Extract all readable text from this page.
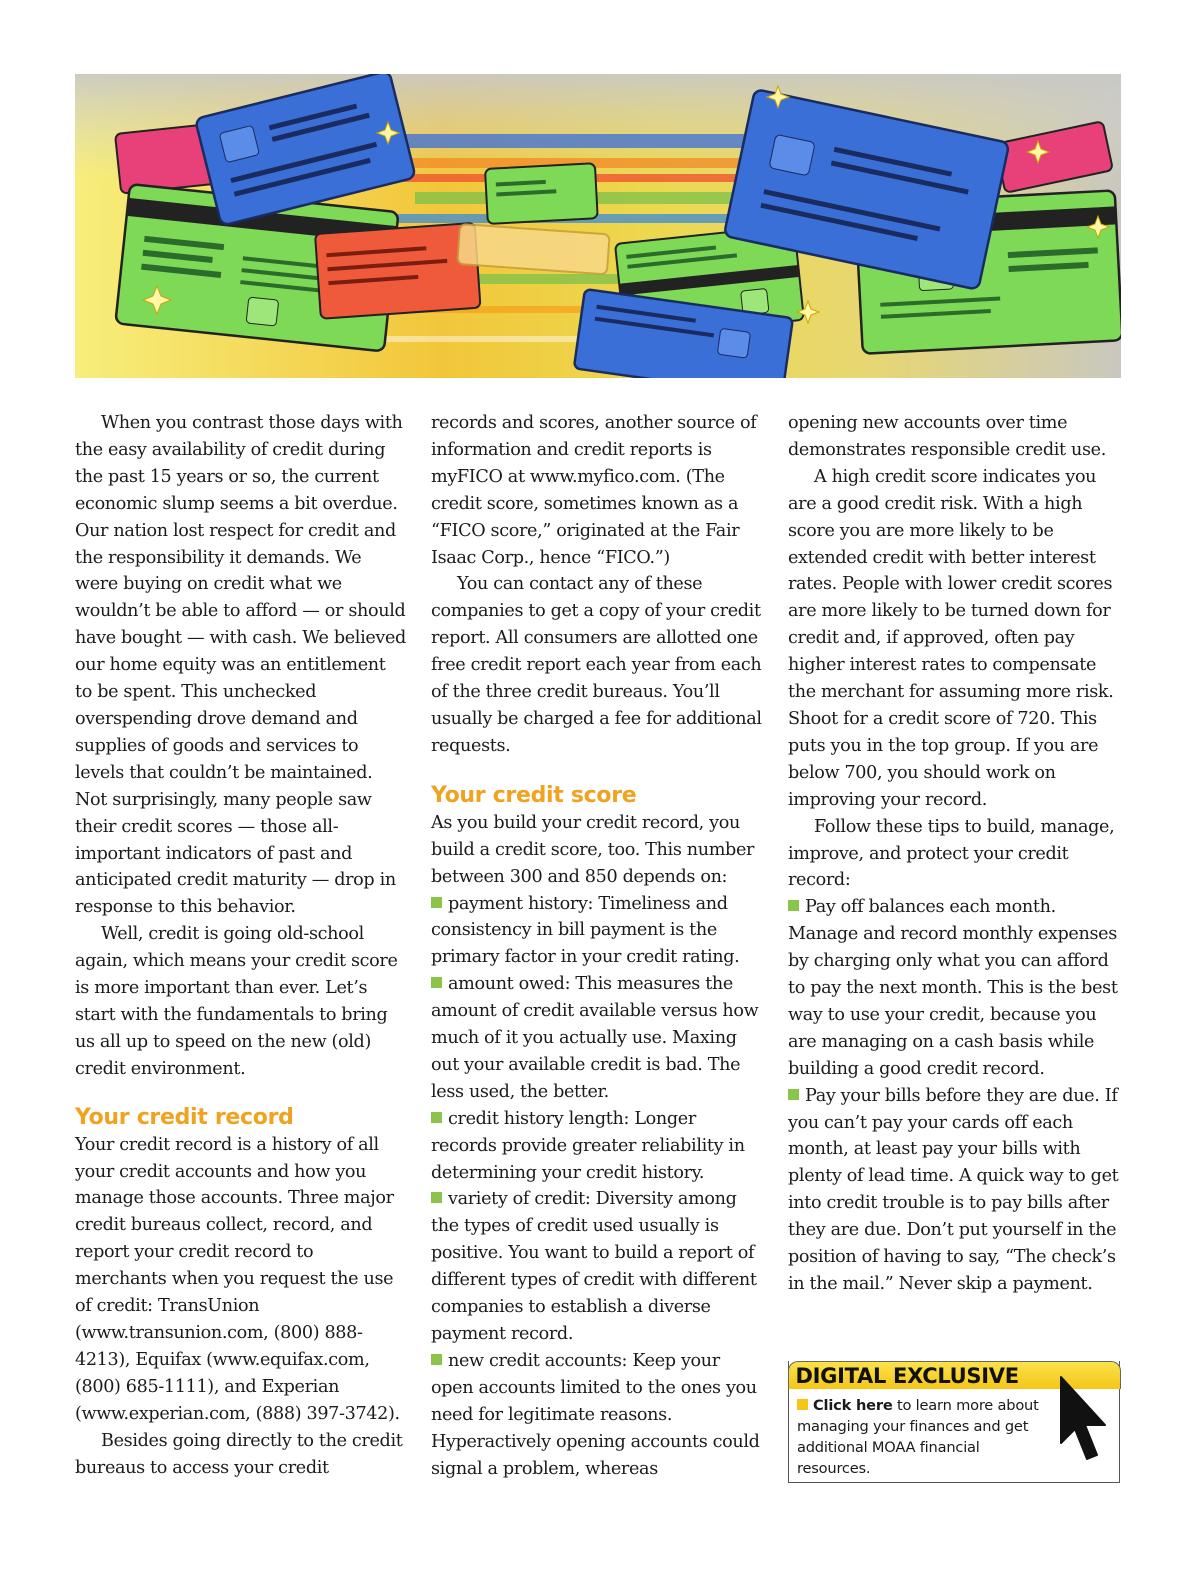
When you contrast those days with the easy availability of credit during the past 15 years or so, the current economic slump seems a bit overdue. Our nation lost respect for credit and the responsibility it demands. We were buying on credit what we wouldn’t be able to afford — or should have bought — with cash. We believed our home equity was an entitlement to be spent. This unchecked overspending drove demand and supplies of goods and services to levels that couldn’t be maintained. Not surprisingly, many people saw their credit scores — those all-important indicators of past and anticipated credit maturity — drop in response to this behavior.

Well, credit is going old-school again, which means your credit score is more important than ever. Let’s start with the fundamentals to bring us all up to speed on the new (old) credit environment.

Your credit record

Your credit record is a history of all your credit accounts and how you manage those accounts. Three major credit bureaus collect, record, and report your credit record to merchants when you request the use of credit: TransUnion (www.transunion.com, (800) 888-4213), Equifax (www.equifax.com, (800) 685-1111), and Experian (www.experian.com, (888) 397-3742).

Besides going directly to the credit bureaus to access your credit

records and scores, another source of information and credit reports is myFICO at www.myfico.com. (The credit score, sometimes known as a “FICO score,” originated at the Fair Isaac Corp., hence “FICO.”)

You can contact any of these companies to get a copy of your credit report. All consumers are allotted one free credit report each year from each of the three credit bureaus. You’ll usually be charged a fee for additional requests.

Your credit score

As you build your credit record, you build a credit score, too. This number between 300 and 850 depends on:

payment history: Timeliness and consistency in bill payment is the primary factor in your credit rating.

amount owed: This measures the amount of credit available versus how much of it you actually use. Maxing out your available credit is bad. The less used, the better.

credit history length: Longer records provide greater reliability in determining your credit history.

variety of credit: Diversity among the types of credit used usually is positive. You want to build a report of different types of credit with different companies to establish a diverse payment record.

new credit accounts: Keep your open accounts limited to the ones you need for legitimate reasons. Hyperactively opening accounts could signal a problem, whereas

opening new accounts over time demonstrates responsible credit use.

A high credit score indicates you are a good credit risk. With a high score you are more likely to be extended credit with better interest rates. People with lower credit scores are more likely to be turned down for credit and, if approved, often pay higher interest rates to compensate the merchant for assuming more risk. Shoot for a credit score of 720. This puts you in the top group. If you are below 700, you should work on improving your record.

Follow these tips to build, manage, improve, and protect your credit record:

Pay off balances each month. Manage and record monthly expenses by charging only what you can afford to pay the next month. This is the best way to use your credit, because you are managing on a cash basis while building a good credit record.

Pay your bills before they are due. If you can’t pay your cards off each month, at least pay your bills with plenty of lead time. A quick way to get into credit trouble is to pay bills after they are due. Don’t put yourself in the position of having to say, “The check’s in the mail.” Never skip a payment.

DIGITAL EXCLUSIVE
Click here to learn more about managing your finances and get additional MOAA financial resources.
